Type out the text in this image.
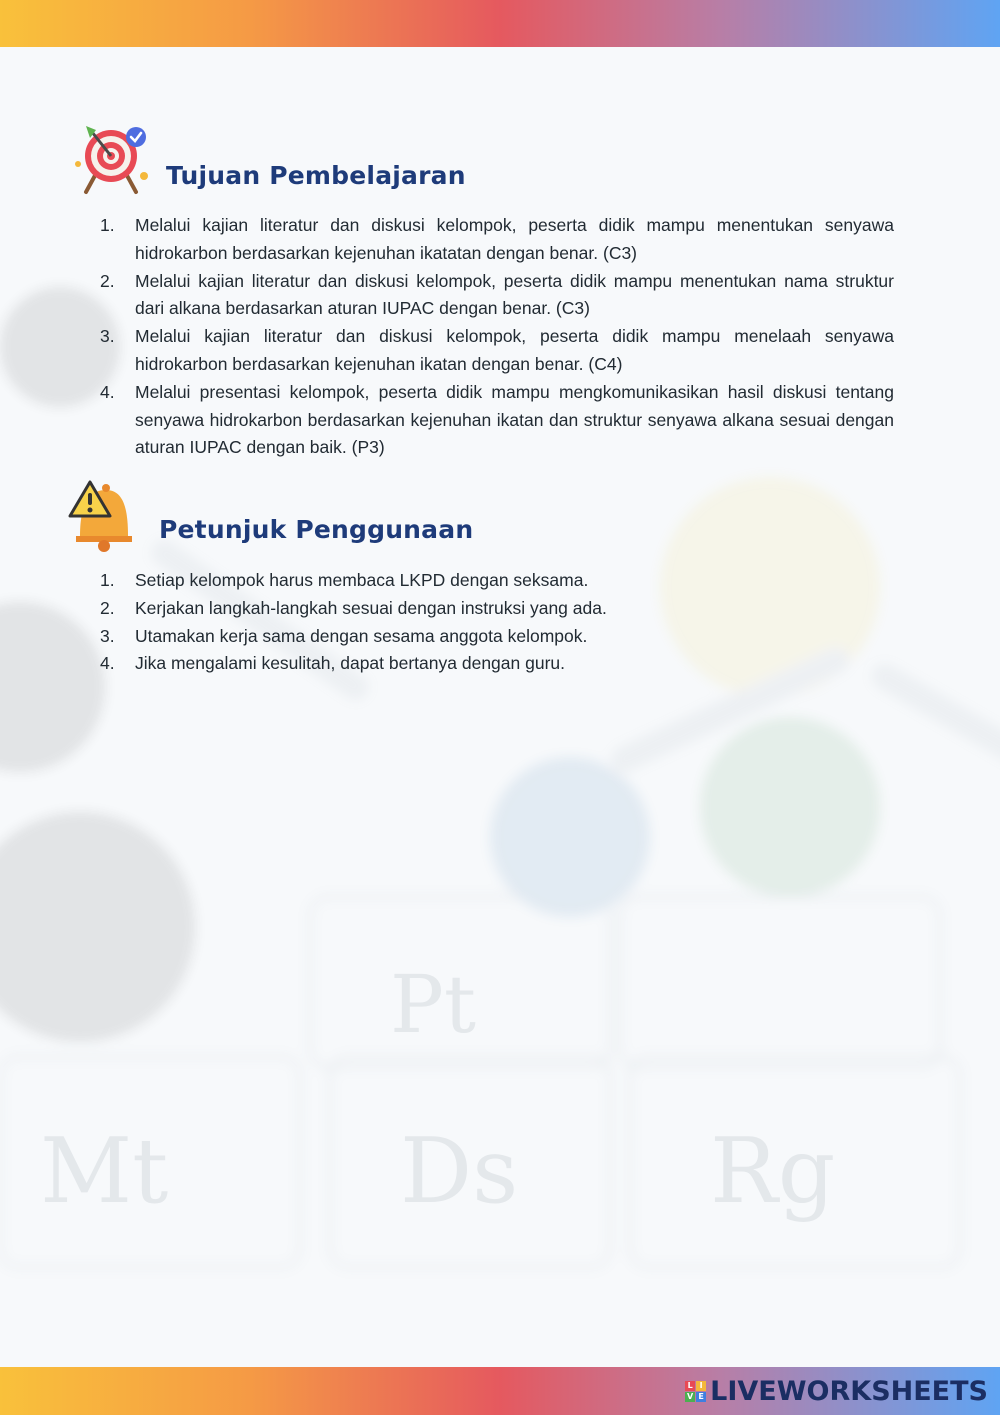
Pt
Mt	Ds Rg
Tujuan Pembelajaran
1. Melalui kajian literatur dan diskusi kelompok, peserta didik mampu menentukan senyawa hidrokarbon berdasarkan kejenuhan ikatatan dengan benar. (C3)
2. Melalui kajian literatur dan diskusi kelompok, peserta didik mampu menentukan nama struktur dari alkana berdasarkan aturan IUPAC dengan benar. (C3)
3. Melalui kajian literatur dan diskusi kelompok, peserta didik mampu menelaah senyawa hidrokarbon berdasarkan kejenuhan ikatan dengan benar. (C4)
4. Melalui presentasi kelompok, peserta didik mampu mengkomunikasikan hasil diskusi tentang senyawa hidrokarbon berdasarkan kejenuhan ikatan dan struktur senyawa alkana sesuai dengan aturan IUPAC dengan baik. (P3)
Petunjuk Penggunaan
1. Setiap kelompok harus membaca LKPD dengan seksama.
2. Kerjakan langkah-langkah sesuai dengan instruksi yang ada.
3. Utamakan kerja sama dengan sesama anggota kelompok.
4. Jika mengalami kesulitah, dapat bertanya dengan guru.
L I
V E LIVEWORKSHEETS
